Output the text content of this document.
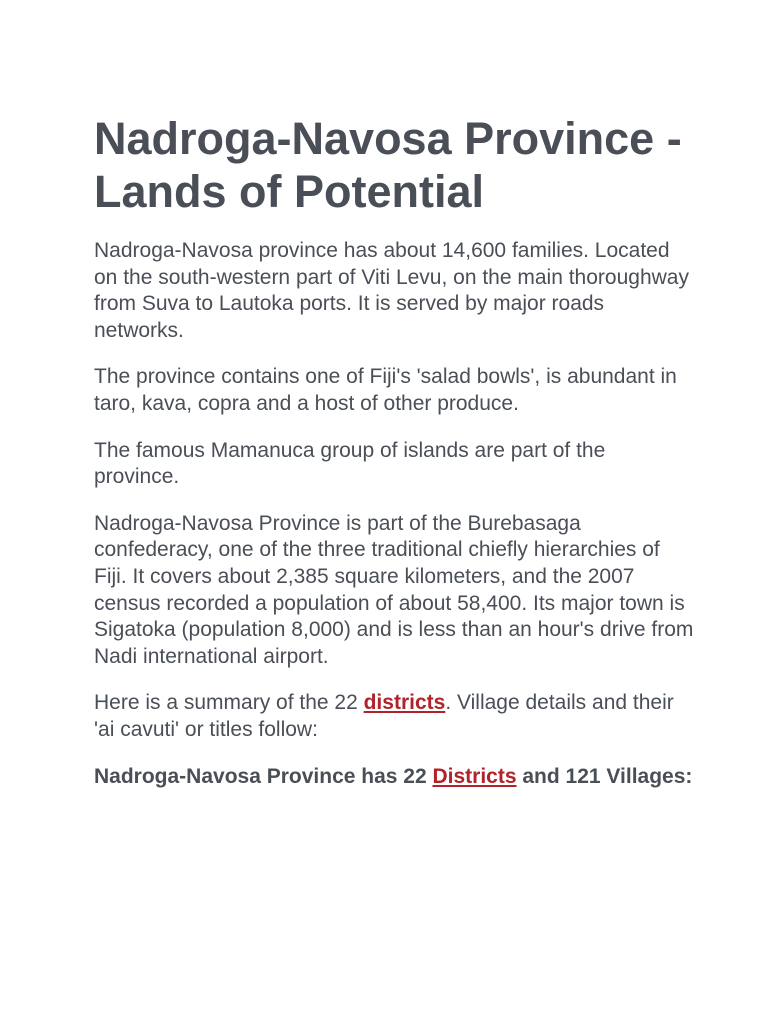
Nadroga-Navosa Province - Lands of Potential

Nadroga-Navosa province has about 14,600 families. Located on the south-western part of Viti Levu, on the main thoroughway from Suva to Lautoka ports. It is served by major roads networks.

The province contains one of Fiji's 'salad bowls', is abundant in taro, kava, copra and a host of other produce.

The famous Mamanuca group of islands are part of the province.

Nadroga-Navosa Province is part of the Burebasaga confederacy, one of the three traditional chiefly hierarchies of Fiji. It covers about 2,385 square kilometers, and the 2007 census recorded a population of about 58,400. Its major town is Sigatoka (population 8,000) and is less than an hour's drive from Nadi international airport.

Here is a summary of the 22 districts. Village details and their 'ai cavuti' or titles follow:

Nadroga-Navosa Province has 22 Districts and 121 Villages:
